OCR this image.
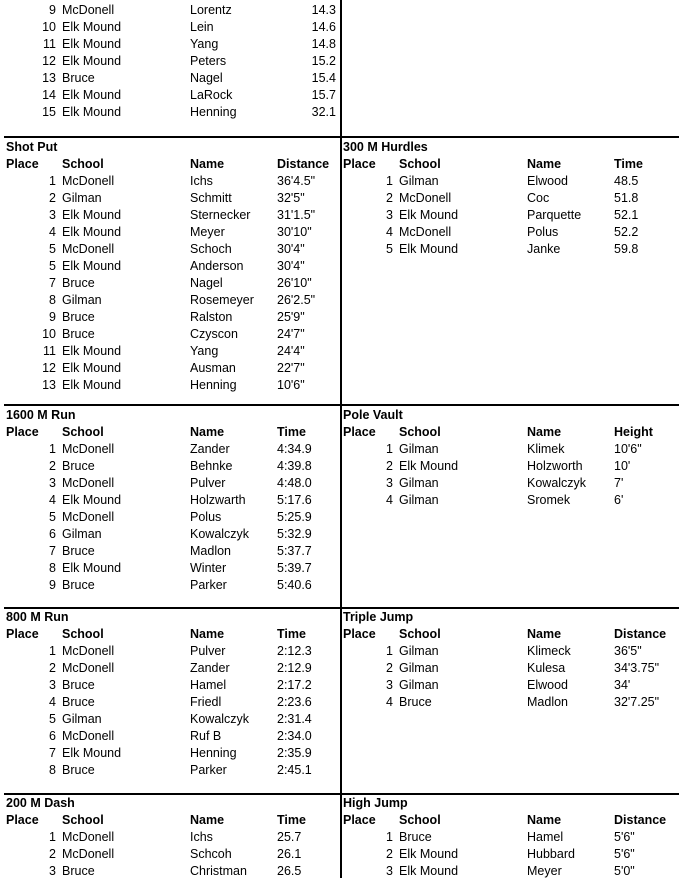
9 McDonell	Lorentz	14.3
10 Elk Mound	Lein	14.6
11 Elk Mound	Yang	14.8
12 Elk Mound	Peters	15.2
13 Bruce	Nagel	15.4
14 Elk Mound	LaRock	15.7
15 Elk Mound	Henning	32.1
Shot Put
Place School	Name	Distance
1 McDonell	Ichs	36'4.5"
2 Gilman	Schmitt	32'5"
3 Elk Mound	Sternecker 31'1.5"
4 Elk Mound	Meyer	30'10"
5 McDonell	Schoch	30'4"
5 Elk Mound	Anderson	30'4"
7 Bruce	Nagel	26'10"
8 Gilman	Rosemeyer 26'2.5"
9 Bruce	Ralston	25'9"
10 Bruce	Czyscon	24'7"
11 Elk Mound	Yang	24'4"
12 Elk Mound	Ausman	22'7"
13 Elk Mound	Henning	10'6"
300 M Hurdles
Place School	Name	Time
1 Gilman	Elwood	48.5
2 McDonell	Coc	51.8
3 Elk Mound	Parquette	52.1
4 McDonell	Polus	52.2
5 Elk Mound	Janke	59.8
1600 M Run
Place School	Name	Time
1 McDonell	Zander	4:34.9
2 Bruce	Behnke	4:39.8
3 McDonell	Pulver	4:48.0
4 Elk Mound	Holzwarth	5:17.6
5 McDonell	Polus	5:25.9
6 Gilman	Kowalczyk 5:32.9
7 Bruce	Madlon	5:37.7
8 Elk Mound	Winter	5:39.7
9 Bruce	Parker	5:40.6
Pole Vault
Place School	Name	Height
1 Gilman	Klimek	10'6"
2 Elk Mound	Holzworth	10'
3 Gilman	Kowalczyk 7'
4 Gilman	Sromek	6'
800 M Run
Place School	Name	Time
1 McDonell	Pulver	2:12.3
2 McDonell	Zander	2:12.9
3 Bruce	Hamel	2:17.2
4 Bruce	Friedl	2:23.6
5 Gilman	Kowalczyk 2:31.4
6 McDonell	Ruf B	2:34.0
7 Elk Mound	Henning	2:35.9
8 Bruce	Parker	2:45.1
Triple Jump
Place School	Name	Distance
1 Gilman	Klimeck	36'5"
2 Gilman	Kulesa	34'3.75"
3 Gilman	Elwood	34'
4 Bruce	Madlon	32'7.25"
200 M Dash
Place School	Name	Time
1 McDonell	Ichs	25.7
2 McDonell	Schcoh	26.1
3 Bruce	Christman 26.5
High Jump
Place School	Name	Distance
1 Bruce	Hamel	5'6"
2 Elk Mound	Hubbard	5'6"
3 Elk Mound	Meyer	5'0"
